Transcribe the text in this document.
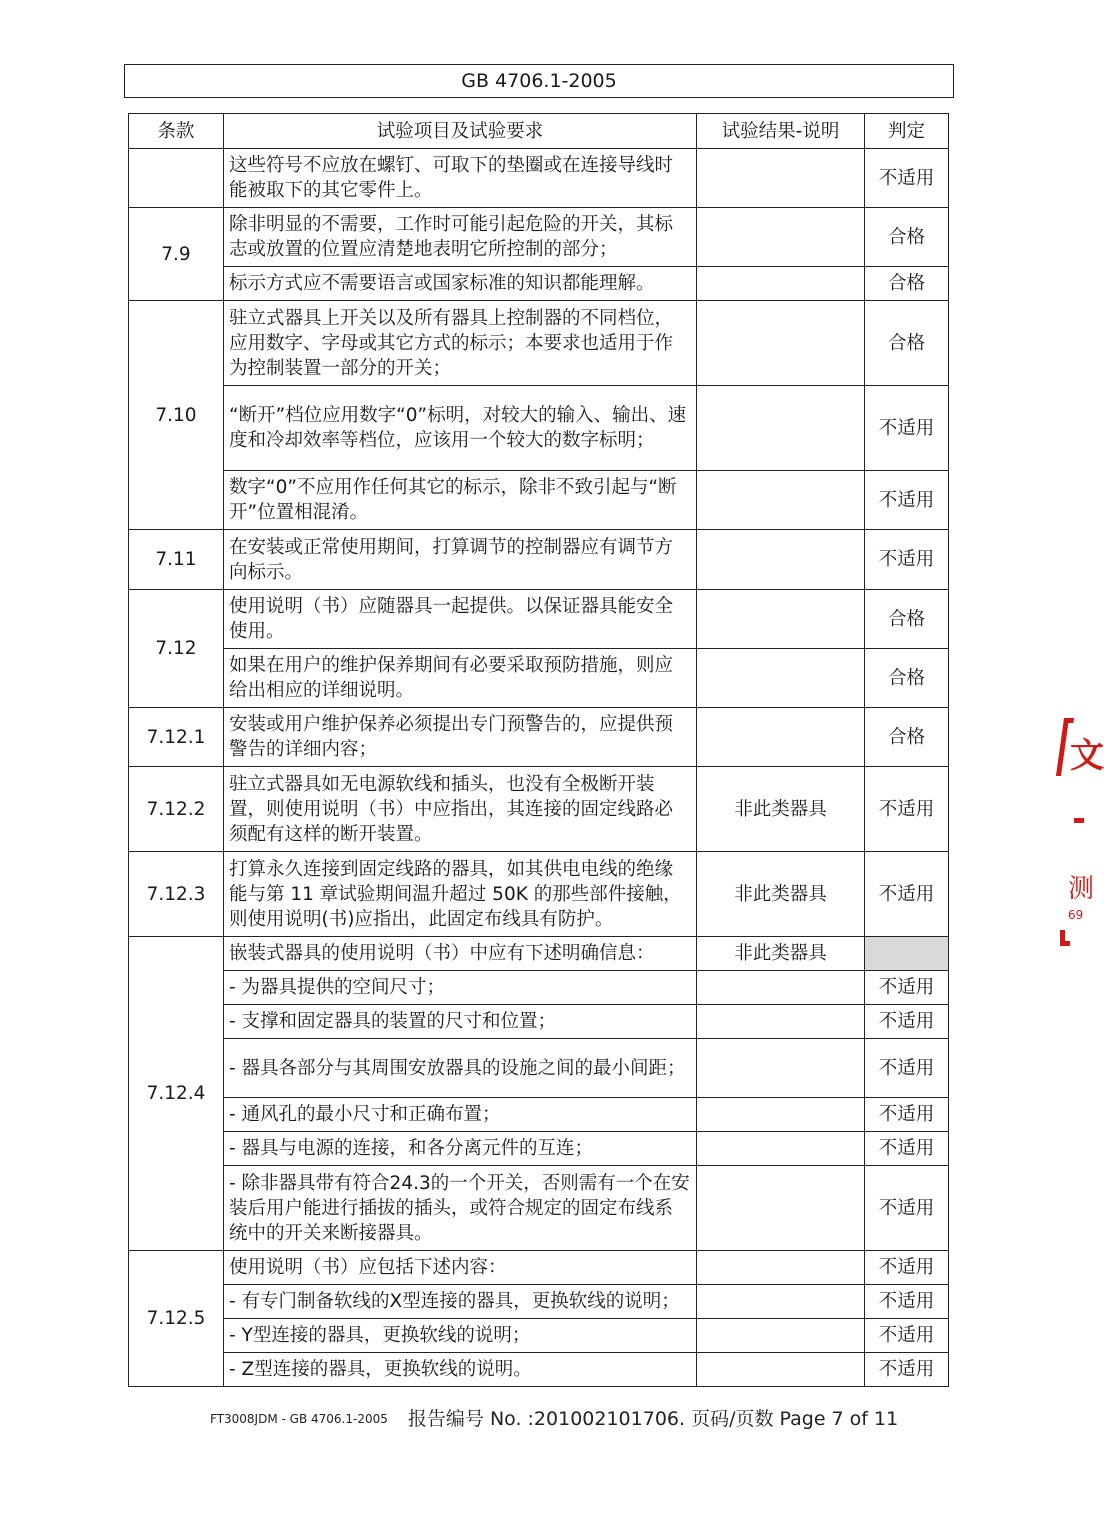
GB 4706.1-2005
条款	试验项目及试验要求	试验结果-说明	判定
	这些符号不应放在螺钉、可取下的垫圈或在连接导线时能被取下的其它零件上。		不适用
7.9	除非明显的不需要，工作时可能引起危险的开关，其标志或放置的位置应清楚地表明它所控制的部分；		合格
	标示方式应不需要语言或国家标准的知识都能理解。		合格
7.10	驻立式器具上开关以及所有器具上控制器的不同档位，应用数字、字母或其它方式的标示；本要求也适用于作为控制装置一部分的开关；		合格
	“断开”档位应用数字“0”标明，对较大的输入、输出、速度和冷却效率等档位，应该用一个较大的数字标明；		不适用
	数字“0”不应用作任何其它的标示，除非不致引起与“断开”位置相混淆。		不适用
7.11	在安装或正常使用期间，打算调节的控制器应有调节方向标示。		不适用
7.12	使用说明（书）应随器具一起提供。以保证器具能安全使用。		合格
	如果在用户的维护保养期间有必要采取预防措施，则应给出相应的详细说明。		合格
7.12.1	安装或用户维护保养必须提出专门预警告的，应提供预警告的详细内容；		合格
7.12.2	驻立式器具如无电源软线和插头，也没有全极断开装置，则使用说明（书）中应指出，其连接的固定线路必须配有这样的断开装置。	非此类器具	不适用
7.12.3	打算永久连接到固定线路的器具，如其供电电线的绝缘能与第 11 章试验期间温升超过 50K 的那些部件接触，则使用说明(书)应指出，此固定布线具有防护。	非此类器具	不适用
7.12.4	嵌装式器具的使用说明（书）中应有下述明确信息：	非此类器具	
	- 为器具提供的空间尺寸；		不适用
	- 支撑和固定器具的装置的尺寸和位置；		不适用
	- 器具各部分与其周围安放器具的设施之间的最小间距；		不适用
	- 通风孔的最小尺寸和正确布置；		不适用
	- 器具与电源的连接，和各分离元件的互连；		不适用
	- 除非器具带有符合24.3的一个开关，否则需有一个在安装后用户能进行插拔的插头，或符合规定的固定布线系统中的开关来断接器具。		不适用
7.12.5	使用说明（书）应包括下述内容：		不适用
	- 有专门制备软线的X型连接的器具，更换软线的说明；		不适用
	- Y型连接的器具，更换软线的说明；		不适用
	- Z型连接的器具，更换软线的说明。		不适用
FT3008JDM - GB 4706.1-2005 报告编号 No. :201002101706. 页码/页数 Page 7 of 11
文
测
69
